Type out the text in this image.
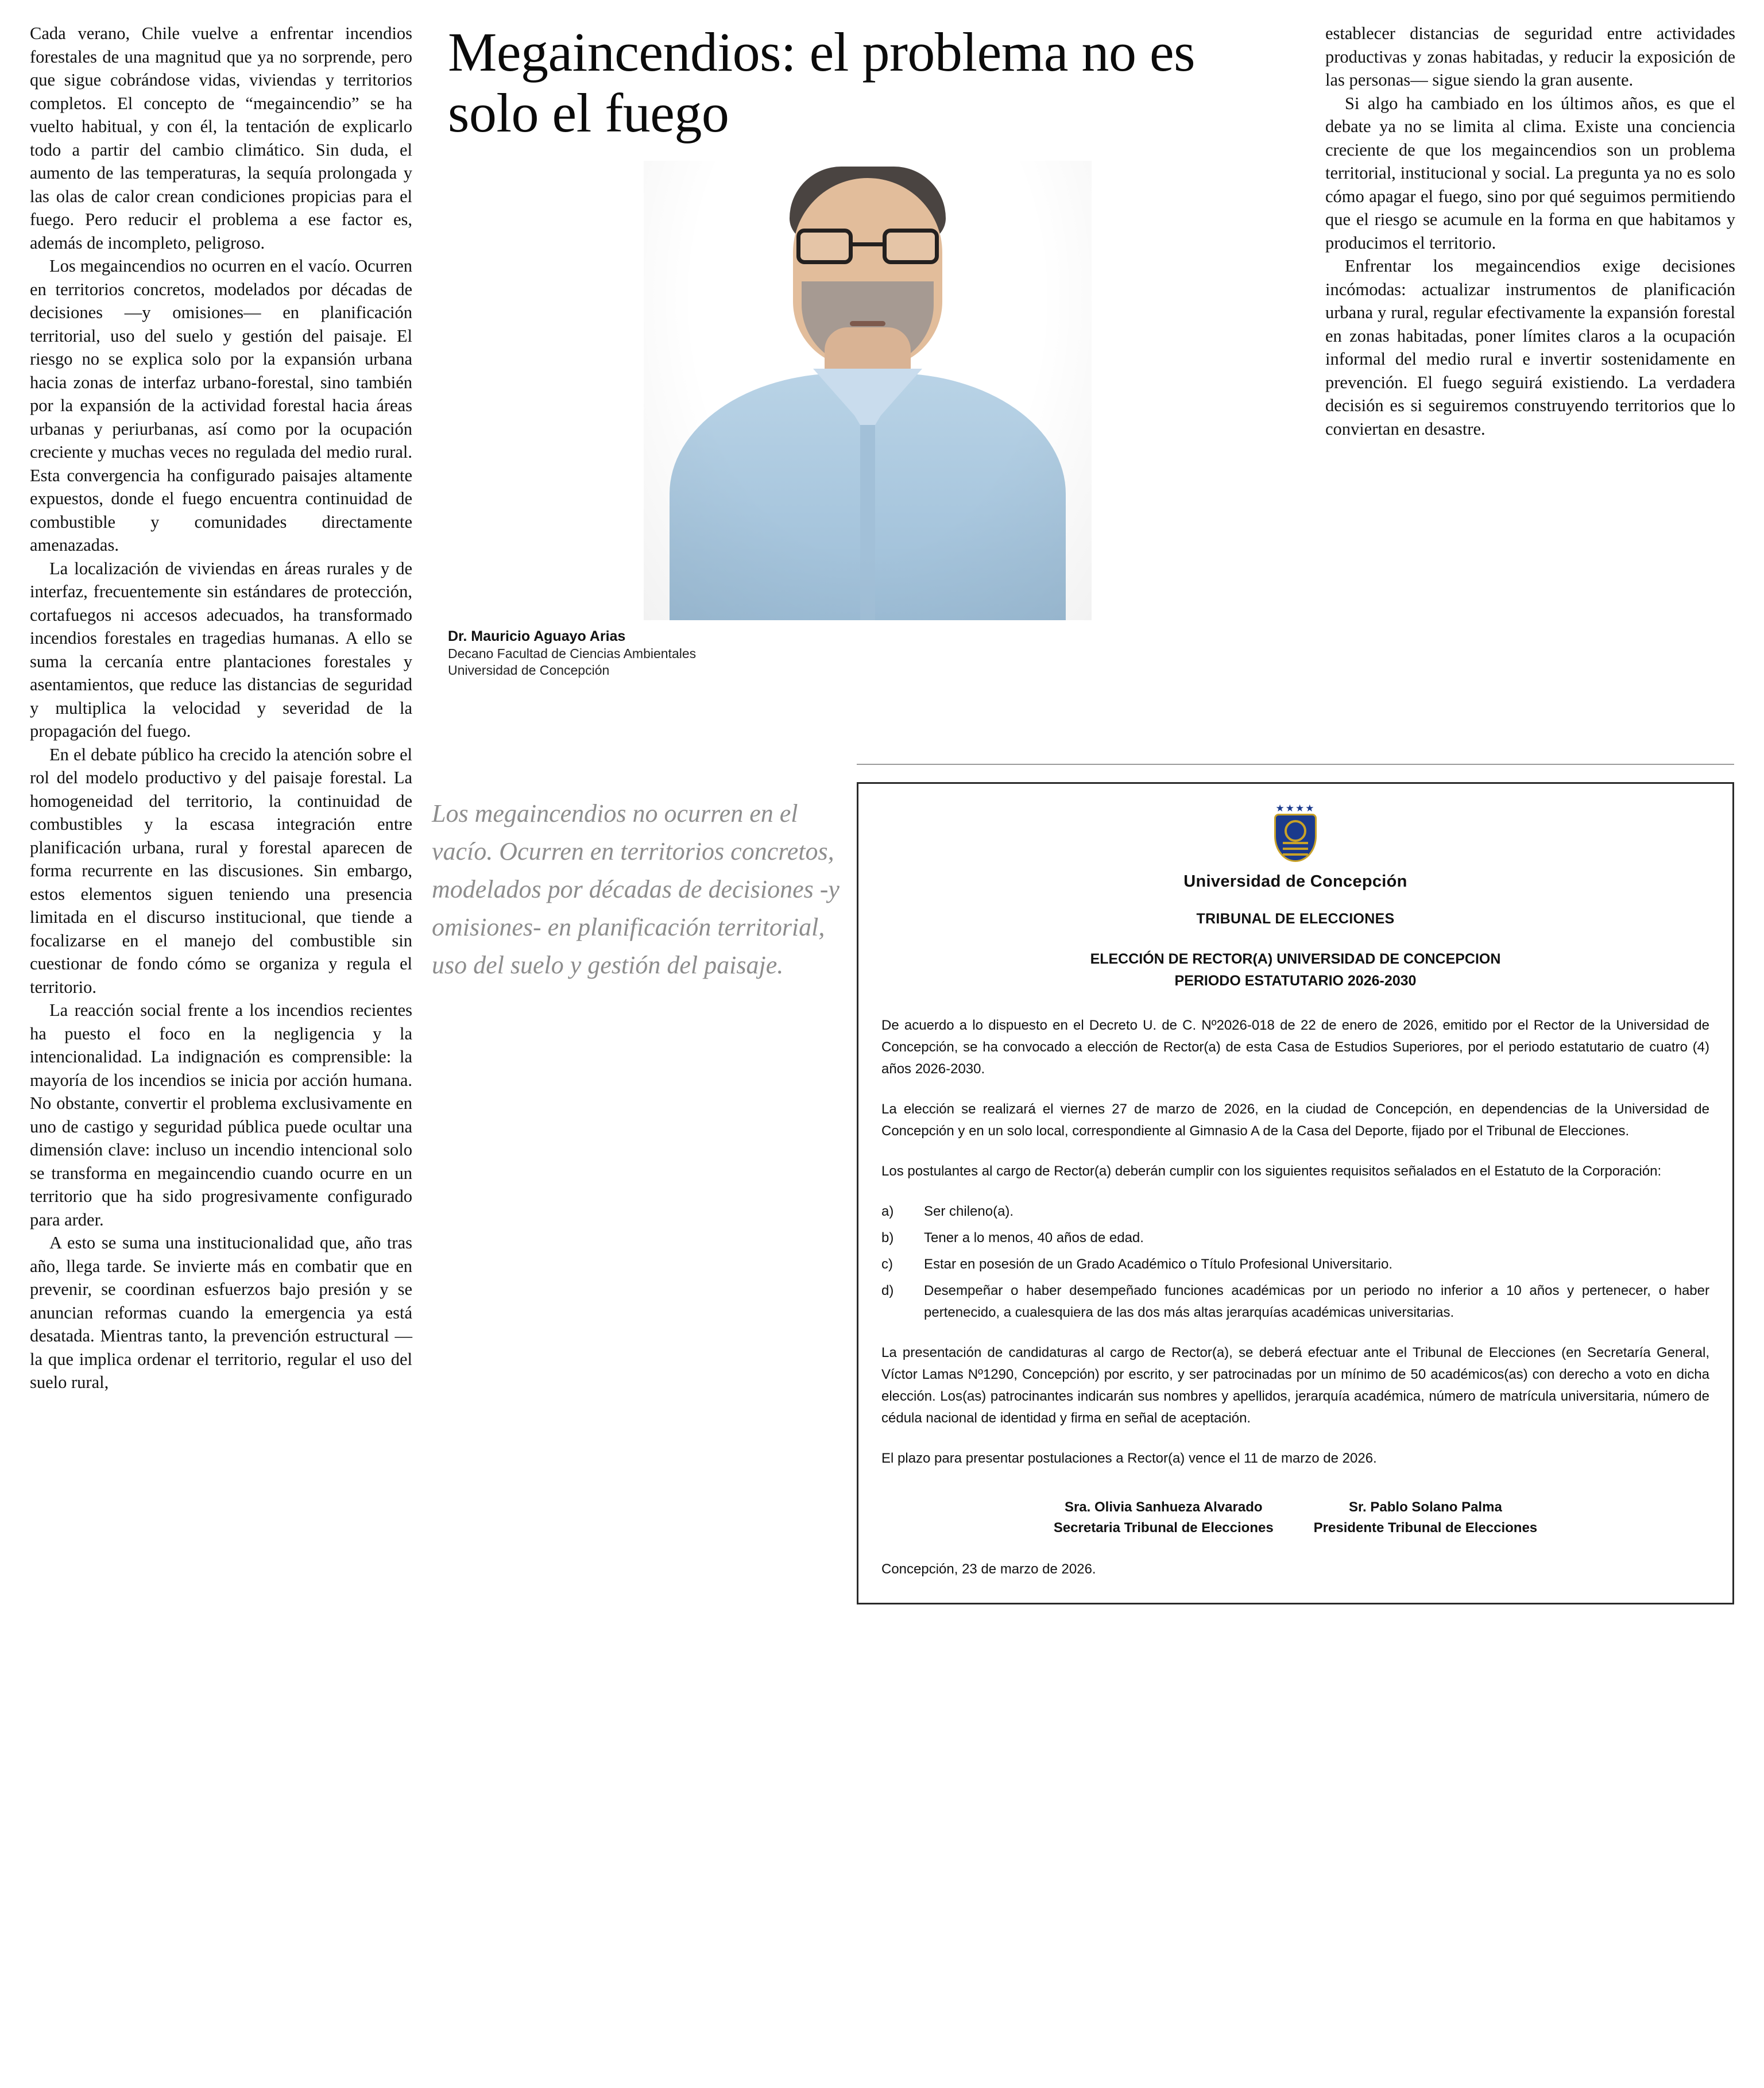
Cada verano, Chile vuelve a enfrentar incendios forestales de una magnitud que ya no sorprende, pero que sigue cobrándose vidas, viviendas y territorios completos. El concepto de “megaincendio” se ha vuelto habitual, y con él, la tentación de explicarlo todo a partir del cambio climático. Sin duda, el aumento de las temperaturas, la sequía prolongada y las olas de calor crean condiciones propicias para el fuego. Pero reducir el problema a ese factor es, además de incompleto, peligroso.

Los megaincendios no ocurren en el vacío. Ocurren en territorios concretos, modelados por décadas de decisiones —y omisiones— en planificación territorial, uso del suelo y gestión del paisaje. El riesgo no se explica solo por la expansión urbana hacia zonas de interfaz urbano-forestal, sino también por la expansión de la actividad forestal hacia áreas urbanas y periurbanas, así como por la ocupación creciente y muchas veces no regulada del medio rural. Esta convergencia ha configurado paisajes altamente expuestos, donde el fuego encuentra continuidad de combustible y comunidades directamente amenazadas.

La localización de viviendas en áreas rurales y de interfaz, frecuentemente sin estándares de protección, cortafuegos ni accesos adecuados, ha transformado incendios forestales en tragedias humanas. A ello se suma la cercanía entre plantaciones forestales y asentamientos, que reduce las distancias de seguridad y multiplica la velocidad y severidad de la propagación del fuego.

En el debate público ha crecido la atención sobre el rol del modelo productivo y del paisaje forestal. La homogeneidad del territorio, la continuidad de combustibles y la escasa integración entre planificación urbana, rural y forestal aparecen de forma recurrente en las discusiones. Sin embargo, estos elementos siguen teniendo una presencia limitada en el discurso institucional, que tiende a focalizarse en el manejo del combustible sin cuestionar de fondo cómo se organiza y regula el territorio.

La reacción social frente a los incendios recientes ha puesto el foco en la negligencia y la intencionalidad. La indignación es comprensible: la mayoría de los incendios se inicia por acción humana. No obstante, convertir el problema exclusivamente en uno de castigo y seguridad pública puede ocultar una dimensión clave: incluso un incendio intencional solo se transforma en megaincendio cuando ocurre en un territorio que ha sido progresivamente configurado para arder.

A esto se suma una institucionalidad que, año tras año, llega tarde. Se invierte más en combatir que en prevenir, se coordinan esfuerzos bajo presión y se anuncian reformas cuando la emergencia ya está desatada. Mientras tanto, la prevención estructural —la que implica ordenar el territorio, regular el uso del suelo rural,

Megaincendios: el problema no es solo el fuego
Dr. Mauricio Aguayo Arias
Decano Facultad de Ciencias Ambientales
Universidad de Concepción

establecer distancias de seguridad entre actividades productivas y zonas habitadas, y reducir la exposición de las personas— sigue siendo la gran ausente.

Si algo ha cambiado en los últimos años, es que el debate ya no se limita al clima. Existe una conciencia creciente de que los megaincendios son un problema territorial, institucional y social. La pregunta ya no es solo cómo apagar el fuego, sino por qué seguimos permitiendo que el riesgo se acumule en la forma en que habitamos y producimos el territorio.

Enfrentar los megaincendios exige decisiones incómodas: actualizar instrumentos de planificación urbana y rural, regular efectivamente la expansión forestal en zonas habitadas, poner límites claros a la ocupación informal del medio rural e invertir sostenidamente en prevención. El fuego seguirá existiendo. La verdadera decisión es si seguiremos construyendo territorios que lo conviertan en desastre.

Los megaincendios no ocurren en el vacío. Ocurren en territorios concretos, modelados por décadas de decisiones -y omisiones- en planificación territorial, uso del suelo y gestión del paisaje.
★★★★
Universidad de Concepción
TRIBUNAL DE ELECCIONES
ELECCIÓN DE RECTOR(A) UNIVERSIDAD DE CONCEPCION
PERIODO ESTATUTARIO 2026-2030

De acuerdo a lo dispuesto en el Decreto U. de C. Nº2026-018 de 22 de enero de 2026, emitido por el Rector de la Universidad de Concepción, se ha convocado a elección de Rector(a) de esta Casa de Estudios Superiores, por el periodo estatutario de cuatro (4) años 2026-2030.

La elección se realizará el viernes 27 de marzo de 2026, en la ciudad de Concepción, en dependencias de la Universidad de Concepción y en un solo local, correspondiente al Gimnasio A de la Casa del Deporte, fijado por el Tribunal de Elecciones.

Los postulantes al cargo de Rector(a) deberán cumplir con los siguientes requisitos señalados en el Estatuto de la Corporación:

a)	Ser chileno(a).
b)	Tener a lo menos, 40 años de edad.
c)	Estar en posesión de un Grado Académico o Título Profesional Universitario.
d)	Desempeñar o haber desempeñado funciones académicas por un periodo no inferior a 10 años y pertenecer, o haber pertenecido, a cualesquiera de las dos más altas jerarquías académicas universitarias.

La presentación de candidaturas al cargo de Rector(a), se deberá efectuar ante el Tribunal de Elecciones (en Secretaría General, Víctor Lamas Nº1290, Concepción) por escrito, y ser patrocinadas por un mínimo de 50 académicos(as) con derecho a voto en dicha elección. Los(as) patrocinantes indicarán sus nombres y apellidos, jerarquía académica, número de matrícula universitaria, número de cédula nacional de identidad y firma en señal de aceptación.

El plazo para presentar postulaciones a Rector(a) vence el 11 de marzo de 2026.

Sra. Olivia Sanhueza Alvarado
Secretaria Tribunal de Elecciones
Sr. Pablo Solano Palma
Presidente Tribunal de Elecciones
Concepción, 23 de marzo de 2026.
